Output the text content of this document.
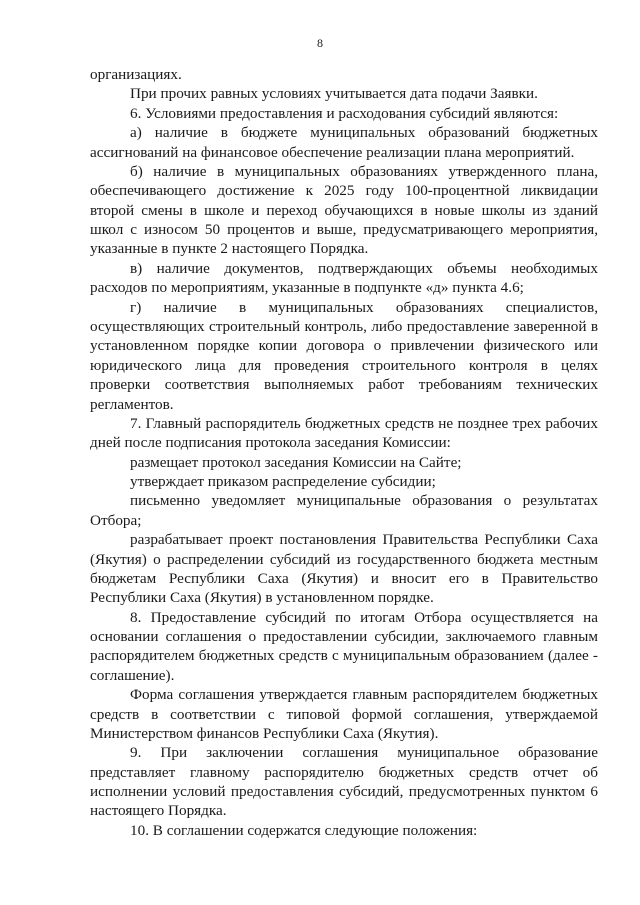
8
организациях.
При прочих равных условиях учитывается дата подачи Заявки.
6. Условиями предоставления и расходования субсидий являются:
а) наличие в бюджете муниципальных образований бюджетных
ассигнований на финансовое обеспечение реализации плана мероприятий.
б) наличие в муниципальных образованиях утвержденного плана,
обеспечивающего достижение к 2025 году 100-процентной ликвидации
второй смены в школе и переход обучающихся в новые школы из зданий
школ с износом 50 процентов и выше, предусматривающего мероприятия,
указанные в пункте 2 настоящего Порядка.
в) наличие документов, подтверждающих объемы необходимых
расходов по мероприятиям, указанные в подпункте «д» пункта 4.6;
г) наличие в муниципальных образованиях специалистов,
осуществляющих строительный контроль, либо предоставление заверенной в
установленном порядке копии договора о привлечении физического или
юридического лица для проведения строительного контроля в целях
проверки соответствия выполняемых работ требованиям технических
регламентов.
7. Главный распорядитель бюджетных средств не позднее трех рабочих
дней после подписания протокола заседания Комиссии:
размещает протокол заседания Комиссии на Сайте;
утверждает приказом распределение субсидии;
письменно уведомляет муниципальные образования о результатах
Отбора;
разрабатывает проект постановления Правительства Республики Саха
(Якутия) о распределении субсидий из государственного бюджета местным
бюджетам Республики Саха (Якутия) и вносит его в Правительство
Республики Саха (Якутия) в установленном порядке.
8. Предоставление субсидий по итогам Отбора осуществляется на
основании соглашения о предоставлении субсидии, заключаемого главным
распорядителем бюджетных средств с муниципальным образованием (далее -
соглашение).
Форма соглашения утверждается главным распорядителем бюджетных
средств в соответствии с типовой формой соглашения, утверждаемой
Министерством финансов Республики Саха (Якутия).
9. При заключении соглашения муниципальное образование
представляет главному распорядителю бюджетных средств отчет об
исполнении условий предоставления субсидий, предусмотренных пунктом 6
настоящего Порядка.
10. В соглашении содержатся следующие положения:
